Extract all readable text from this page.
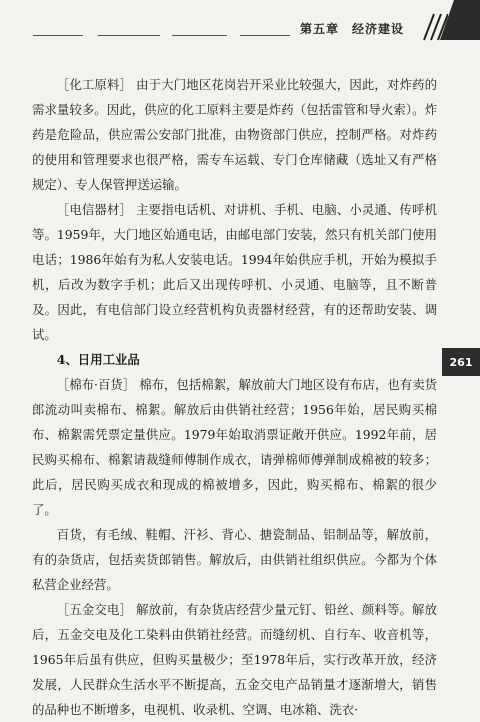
第五章　经济建设
261

［化工原料］ 由于大门地区花岗岩开采业比较强大，因此，对炸药的需求量较多。因此，供应的化工原料主要是炸药（包括雷管和导火索）。炸药是危险品，供应需公安部门批准，由物资部门供应，控制严格。对炸药的使用和管理要求也很严格，需专车运载、专门仓库储藏（选址又有严格规定）、专人保管押送运输。

［电信器材］ 主要指电话机、对讲机、手机、电脑、小灵通、传呼机等。1959年，大门地区始通电话，由邮电部门安装，然只有机关部门使用电话；1986年始有为私人安装电话。1994年始供应手机，开始为模拟手机，后改为数字手机；此后又出现传呼机、小灵通、电脑等，且不断普及。因此，有电信部门设立经营机构负责器材经营，有的还帮助安装、调试。

4、日用工业品

［棉布·百货］ 棉布，包括棉絮，解放前大门地区设有布店，也有卖货郎流动叫卖棉布、棉絮。解放后由供销社经营；1956年始，居民购买棉布、棉絮需凭票定量供应。1979年始取消票证敞开供应。1992年前，居民购买棉布、棉絮请裁缝师傅制作成衣，请弹棉师傅弹制成棉被的较多；此后，居民购买成衣和现成的棉被增多，因此，购买棉布、棉絮的很少了。

百货，有毛绒、鞋帽、汗衫、背心、搪瓷制品、铝制品等，解放前，有的杂货店，包括卖货郎销售。解放后，由供销社组织供应。今都为个体私营企业经营。

［五金交电］ 解放前，有杂货店经营少量元钉、铅丝、颜料等。解放后，五金交电及化工染料由供销社经营。而缝纫机、自行车、收音机等，1965年后虽有供应，但购买量极少；至1978年后，实行改革开放，经济发展，人民群众生活水平不断提高，五金交电产品销量才逐渐增大，销售的品种也不断增多，电视机、收录机、空调、电冰箱、洗衣·
